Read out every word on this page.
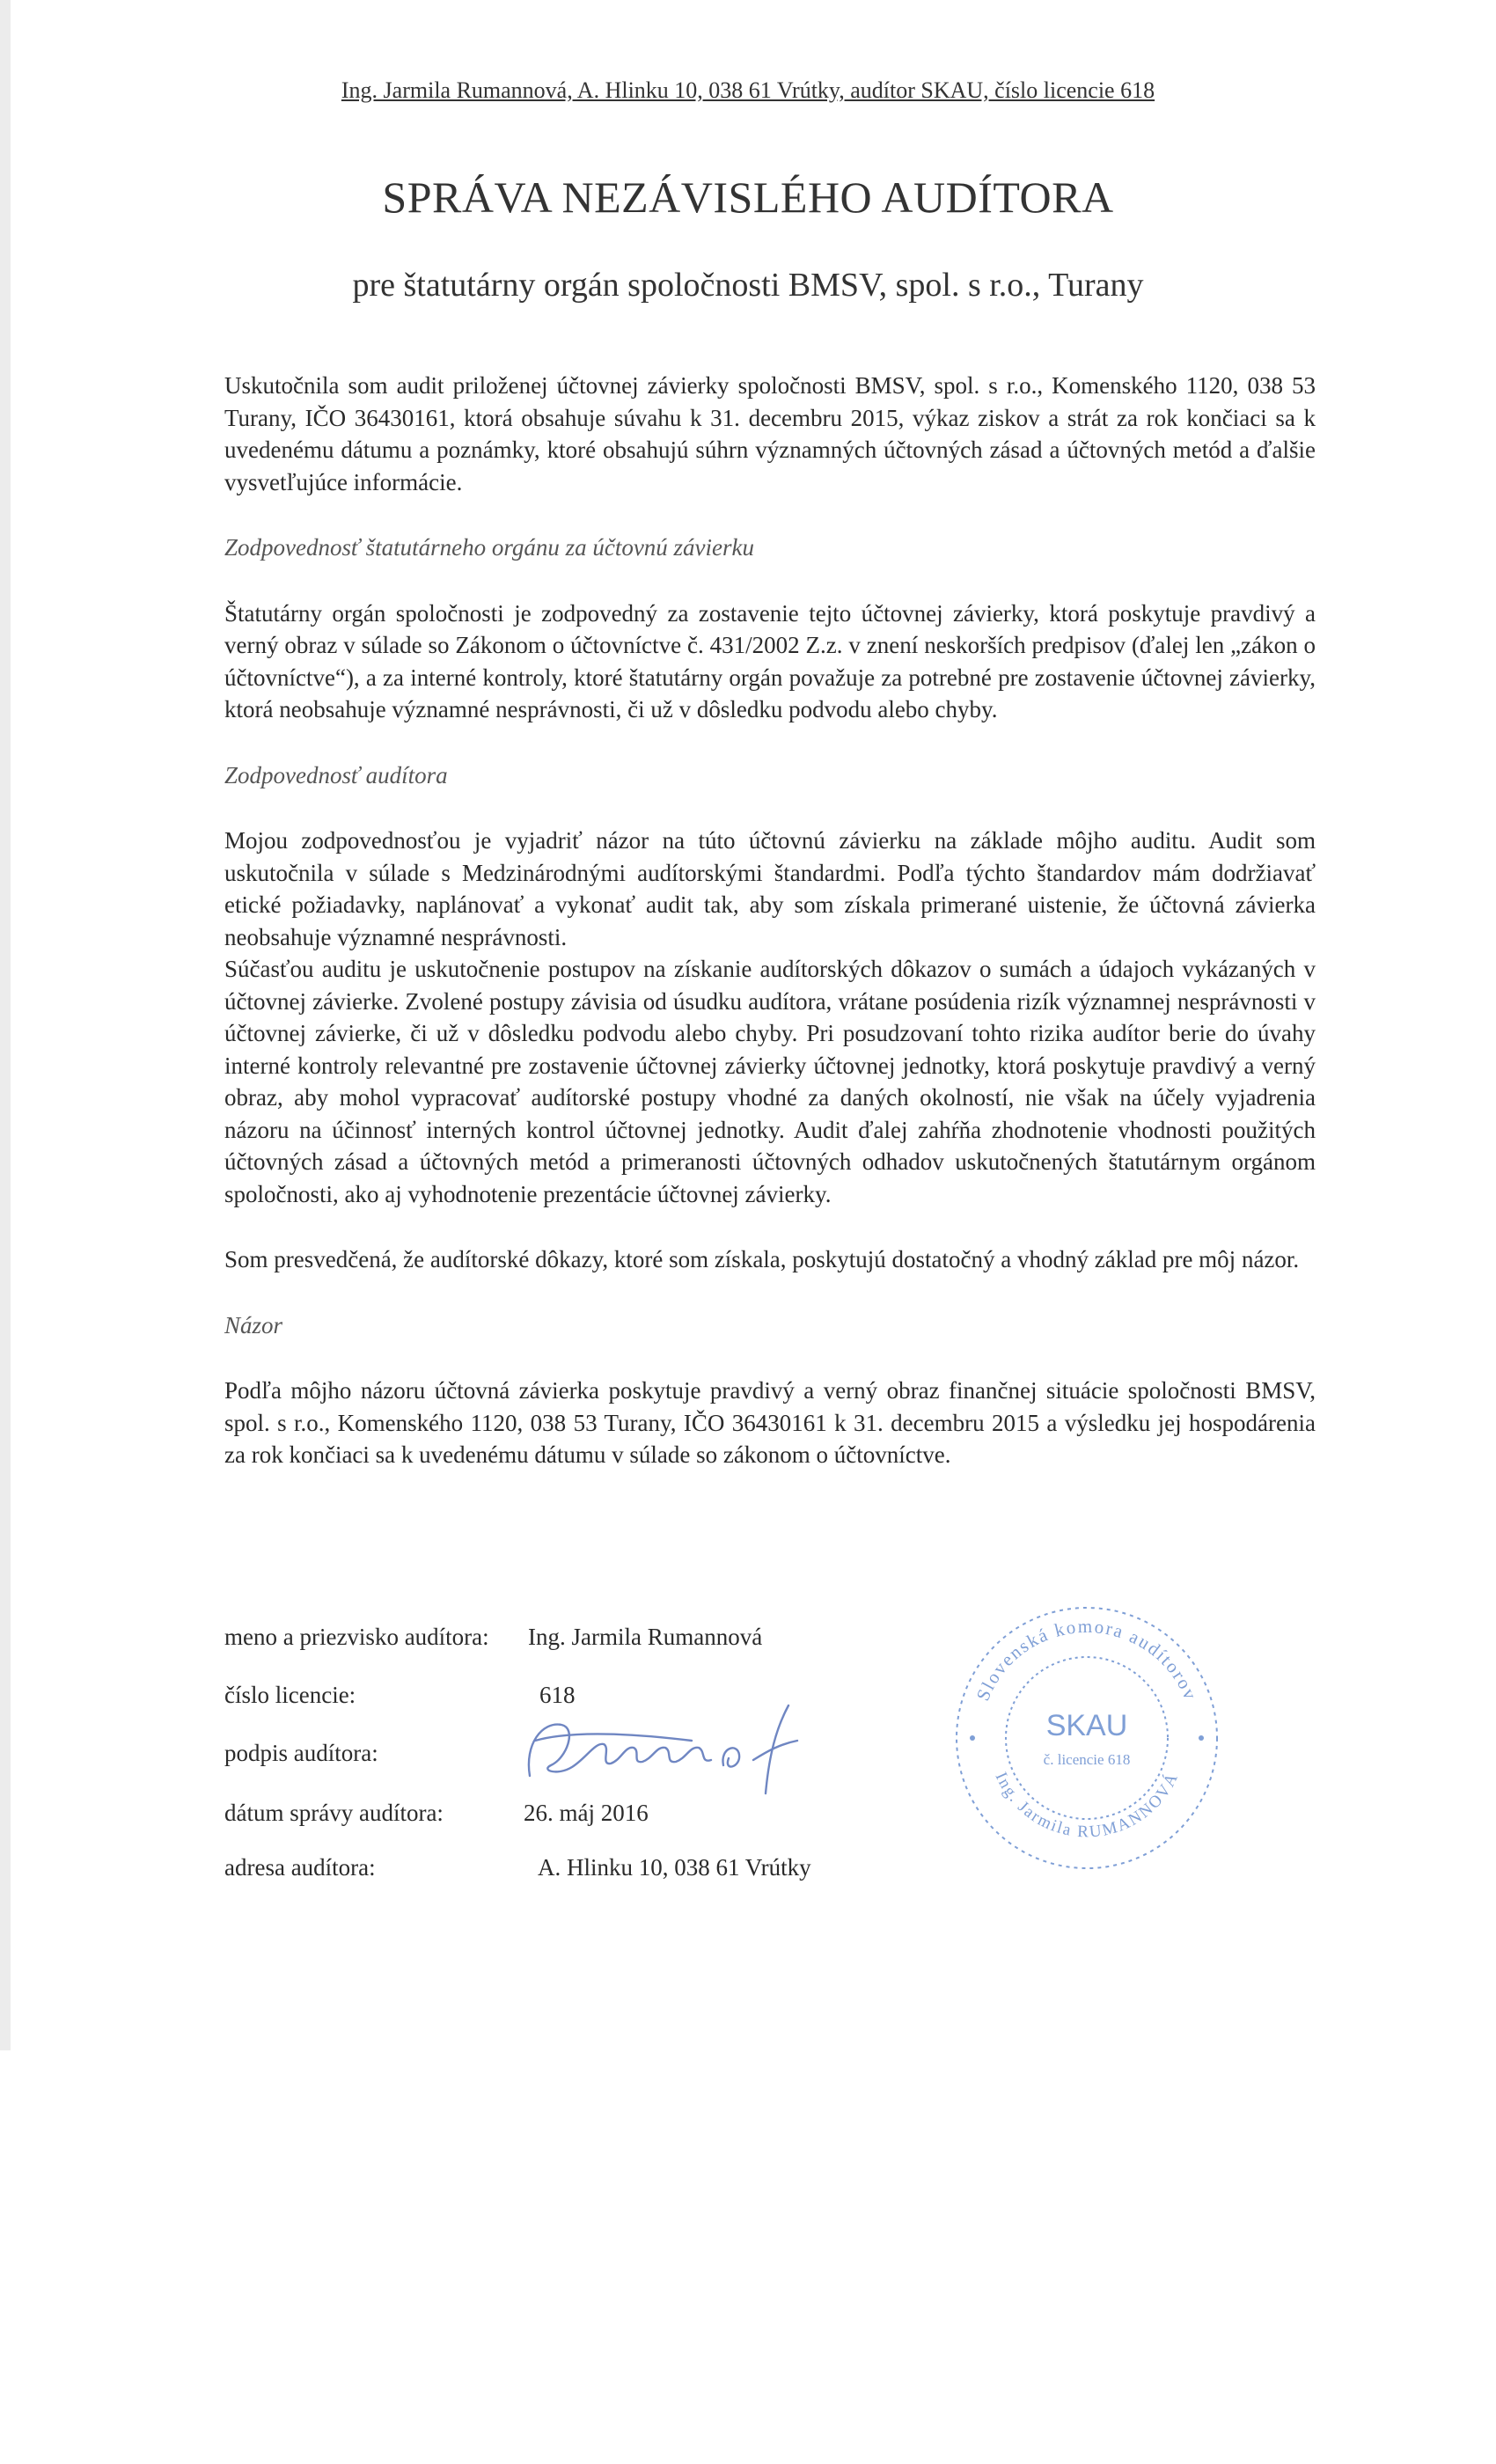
Ing. Jarmila Rumannová, A. Hlinku 10, 038 61 Vrútky, audítor SKAU, číslo licencie 618
SPRÁVA NEZÁVISLÉHO AUDÍTORA
pre štatutárny orgán spoločnosti BMSV, spol. s r.o., Turany

Uskutočnila som audit priloženej účtovnej závierky spoločnosti BMSV, spol. s r.o., Komenského 1120, 038 53 Turany, IČO 36430161, ktorá obsahuje súvahu k 31. decembru 2015, výkaz ziskov a strát za rok končiaci sa k uvedenému dátumu a poznámky, ktoré obsahujú súhrn významných účtovných zásad a účtovných metód a ďalšie vysvetľujúce informácie.

Zodpovednosť štatutárneho orgánu za účtovnú závierku

Štatutárny orgán spoločnosti je zodpovedný za zostavenie tejto účtovnej závierky, ktorá poskytuje pravdivý a verný obraz v súlade so Zákonom o účtovníctve č. 431/2002 Z.z. v znení neskorších predpisov (ďalej len „zákon o účtovníctve“), a za interné kontroly, ktoré štatutárny orgán považuje za potrebné pre zostavenie účtovnej závierky, ktorá neobsahuje významné nesprávnosti, či už v dôsledku podvodu alebo chyby.

Zodpovednosť audítora

Mojou zodpovednosťou je vyjadriť názor na túto účtovnú závierku na základe môjho auditu. Audit som uskutočnila v súlade s Medzinárodnými audítorskými štandardmi. Podľa týchto štandardov mám dodržiavať etické požiadavky, naplánovať a vykonať audit tak, aby som získala primerané uistenie, že účtovná závierka neobsahuje významné nesprávnosti.

Súčasťou auditu je uskutočnenie postupov na získanie audítorských dôkazov o sumách a údajoch vykázaných v účtovnej závierke. Zvolené postupy závisia od úsudku audítora, vrátane posúdenia rizík významnej nesprávnosti v účtovnej závierke, či už v dôsledku podvodu alebo chyby. Pri posudzovaní tohto rizika audítor berie do úvahy interné kontroly relevantné pre zostavenie účtovnej závierky účtovnej jednotky, ktorá poskytuje pravdivý a verný obraz, aby mohol vypracovať audítorské postupy vhodné za daných okolností, nie však na účely vyjadrenia názoru na účinnosť interných kontrol účtovnej jednotky. Audit ďalej zahŕňa zhodnotenie vhodnosti použitých účtovných zásad a účtovných metód a primeranosti účtovných odhadov uskutočnených štatutárnym orgánom spoločnosti, ako aj vyhodnotenie prezentácie účtovnej závierky.

Som presvedčená, že audítorské dôkazy, ktoré som získala, poskytujú dostatočný a vhodný základ pre môj názor.

Názor

Podľa môjho názoru účtovná závierka poskytuje pravdivý a verný obraz finančnej situácie spoločnosti BMSV, spol. s r.o., Komenského 1120, 038 53 Turany, IČO 36430161 k 31. decembru 2015 a výsledku jej hospodárenia za rok končiaci sa k uvedenému dátumu v súlade so zákonom o účtovníctve.

meno a priezvisko audítora: Ing. Jarmila Rumannová
číslo licencie:	618
podpis audítora:
dátum správy audítora:	26. máj 2016
adresa audítora:	A. Hlinku 10, 038 61 Vrútky
Slovenská komora audítorov
Ing. Jarmila RUMANNOVÁ
SKAU
č. licencie 618
